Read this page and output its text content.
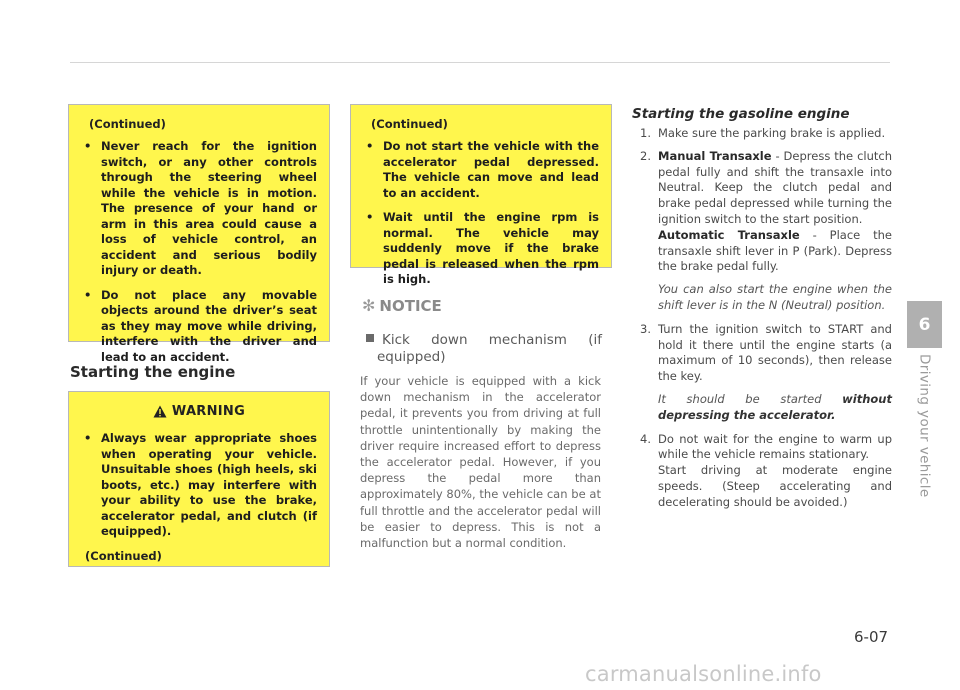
(Continued)
• Never reach for the ignition switch, or any other controls through the steering wheel while the vehicle is in motion. The presence of your hand or arm in this area could cause a loss of vehicle control, an accident and serious bodily injury or death.
• Do not place any movable objects around the driver’s seat as they may move while driving, interfere with the driver and lead to an accident.
Starting the engine
WARNING
• Always wear appropriate shoes when operating your vehicle. Unsuitable shoes (high heels, ski boots, etc.) may interfere with your ability to use the brake, accelerator pedal, and clutch (if equipped).
(Continued)
(Continued)
• Do not start the vehicle with the accelerator pedal depressed. The vehicle can move and lead to an accident.
• Wait until the engine rpm is normal. The vehicle may suddenly move if the brake pedal is released when the rpm is high.
✻ NOTICE
Kick down mechanism (if
equipped)
If your vehicle is equipped with a kick down mechanism in the accelerator pedal, it prevents you from driving at full throttle unintentionally by making the driver require increased effort to depress the accelerator pedal. However, if you depress the pedal more than approximately 80%, the vehicle can be at full throttle and the accelerator pedal will be easier to depress. This is not a malfunction but a normal condition.
Starting the gasoline engine
1. Make sure the parking brake is applied.
2. Manual Transaxle - Depress the clutch pedal fully and shift the transaxle into Neutral. Keep the clutch pedal and brake pedal depressed while turning the ignition switch to the start position.

Automatic Transaxle - Place the transaxle shift lever in P (Park). Depress the brake pedal fully.

You can also start the engine when the shift lever is in the N (Neutral) position.
3. Turn the ignition switch to START and hold it there until the engine starts (a maximum of 10 seconds), then release the key.
It should be started without depressing the accelerator.
4. Do not wait for the engine to warm up while the vehicle remains stationary.

Start driving at moderate engine speeds. (Steep accelerating and decelerating should be avoided.)

6
Driving your vehicle
6-07
carmanualsonline.info
